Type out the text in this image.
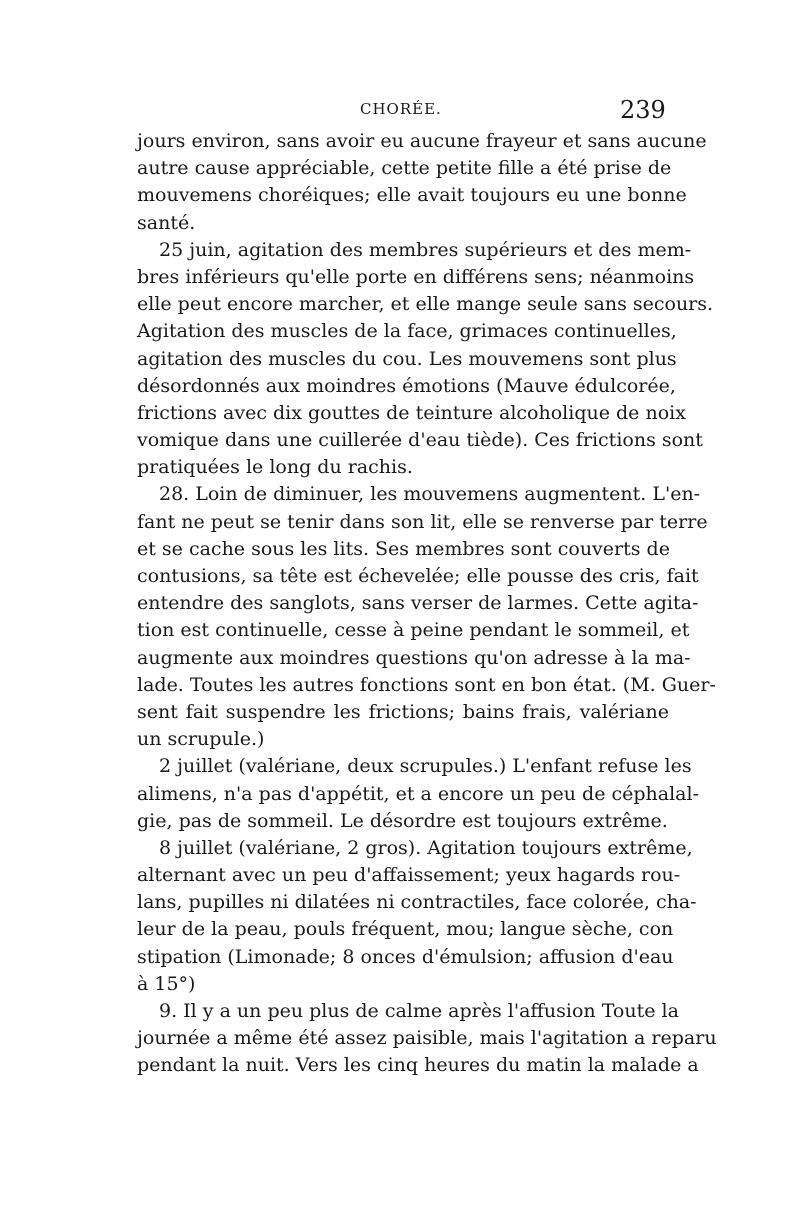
CHORÉE.	239
jours environ, sans avoir eu aucune frayeur et sans aucune
autre cause appréciable, cette petite fille a été prise de
mouvemens choréiques; elle avait toujours eu une bonne
santé.
25 juin, agitation des membres supérieurs et des mem-
bres inférieurs qu'elle porte en différens sens; néanmoins
elle peut encore marcher, et elle mange seule sans secours.
Agitation des muscles de la face, grimaces continuelles,
agitation des muscles du cou. Les mouvemens sont plus
désordonnés aux moindres émotions (Mauve édulcorée,
frictions avec dix gouttes de teinture alcoholique de noix
vomique dans une cuillerée d'eau tiède). Ces frictions sont
pratiquées le long du rachis.
28. Loin de diminuer, les mouvemens augmentent. L'en-
fant ne peut se tenir dans son lit, elle se renverse par terre
et se cache sous les lits. Ses membres sont couverts de
contusions, sa tête est échevelée; elle pousse des cris, fait
entendre des sanglots, sans verser de larmes. Cette agita-
tion est continuelle, cesse à peine pendant le sommeil, et
augmente aux moindres questions qu'on adresse à la ma-
lade. Toutes les autres fonctions sont en bon état. (M. Guer-
sent fait suspendre les frictions; bains frais, valériane
un scrupule.)
2 juillet (valériane, deux scrupules.) L'enfant refuse les
alimens, n'a pas d'appétit, et a encore un peu de céphalal-
gie, pas de sommeil. Le désordre est toujours extrême.
8 juillet (valériane, 2 gros). Agitation toujours extrême,
alternant avec un peu d'affaissement; yeux hagards rou-
lans, pupilles ni dilatées ni contractiles, face colorée, cha-
leur de la peau, pouls fréquent, mou; langue sèche, con
stipation (Limonade; 8 onces d'émulsion; affusion d'eau
à 15°)
9. Il y a un peu plus de calme après l'affusion Toute la
journée a même été assez paisible, mais l'agitation a reparu
pendant la nuit. Vers les cinq heures du matin la malade a
